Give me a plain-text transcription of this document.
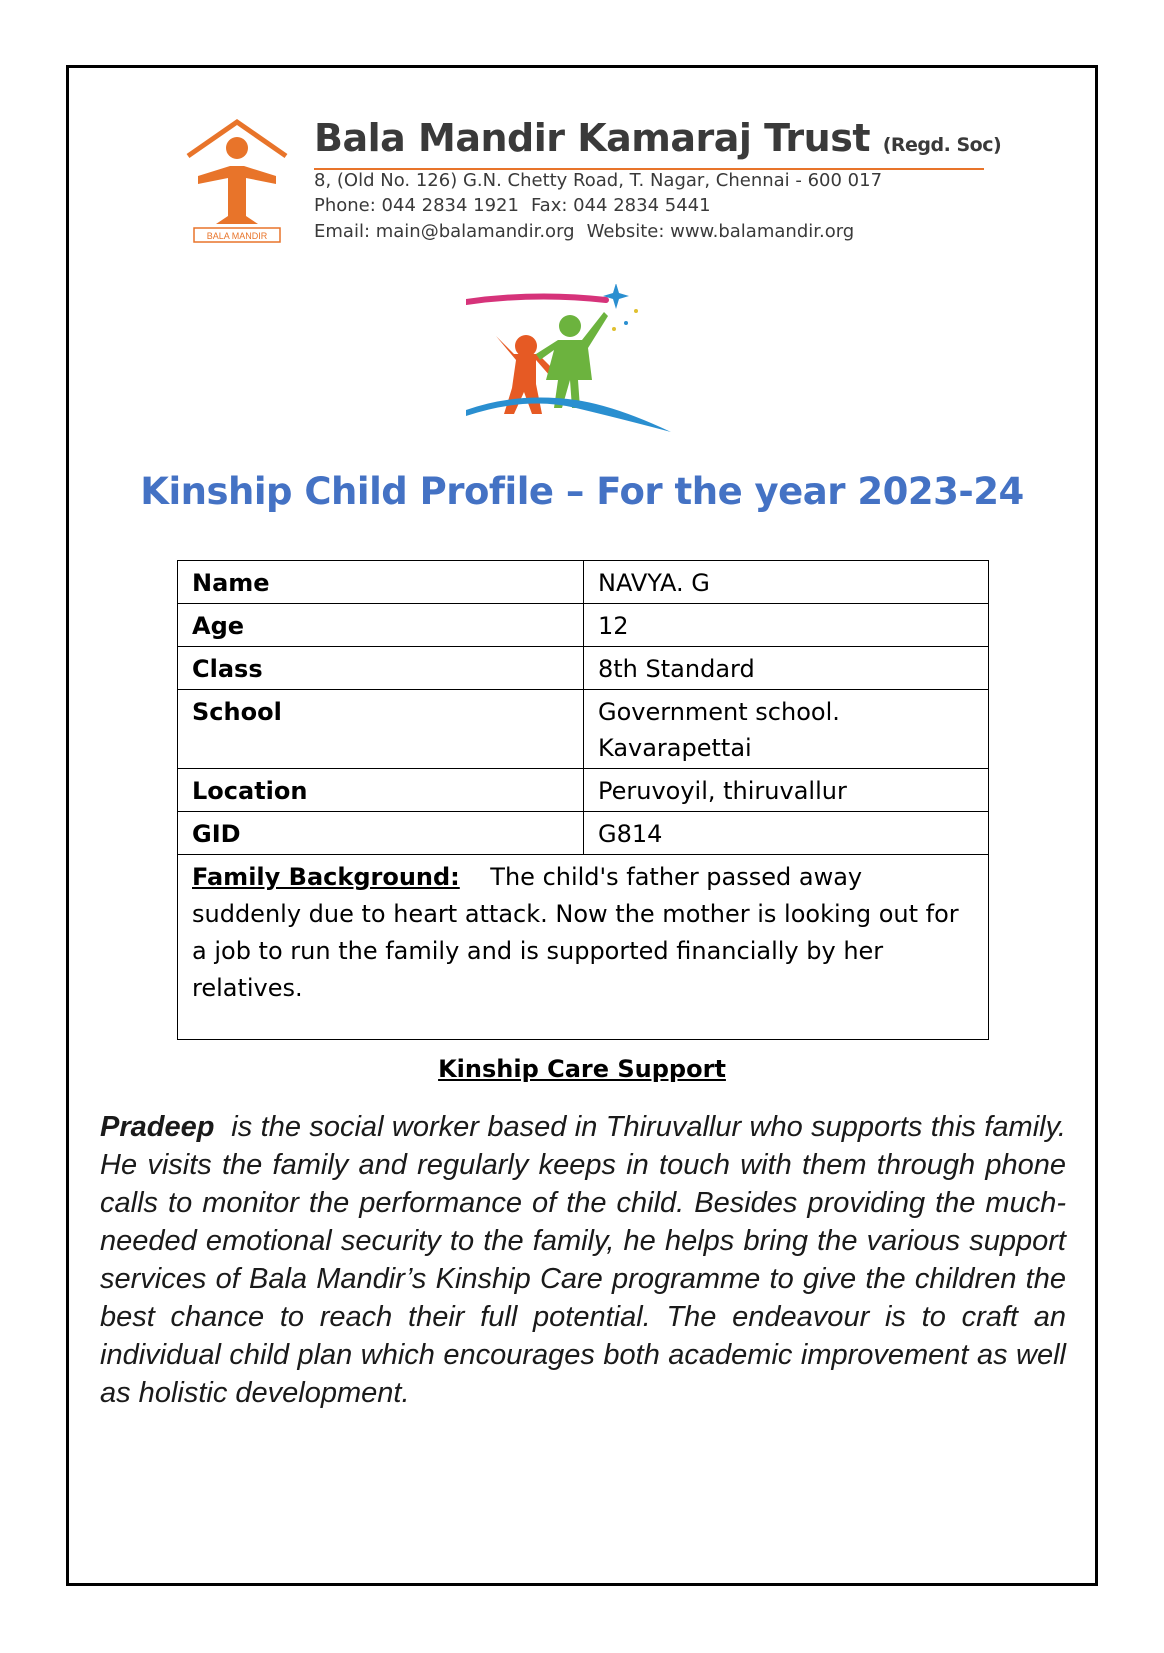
BALA MANDIR
Bala Mandir Kamaraj Trust (Regd. Soc)
8, (Old No. 126) G.N. Chetty Road, T. Nagar, Chennai - 600 017
Phone: 044 2834 1921 Fax: 044 2834 5441
Email: main@balamandir.org Website: www.balamandir.org
Kinship Child Profile – For the year 2023-24
Name	NAVYA. G
Age	12
Class	8th Standard
School	Government school. Kavarapettai
Location	Peruvoyil, thiruvallur
GID	G814
Family Background: The child's father passed away suddenly due to heart attack. Now the mother is looking out for a job to run the family and is supported financially by her relatives.	
Kinship Care Support
Pradeep is the social worker based in Thiruvallur who supports this family. He visits the family and regularly keeps in touch with them through phone calls to monitor the performance of the child. Besides providing the much-needed emotional security to the family, he helps bring the various support services of Bala Mandir’s Kinship Care programme to give the children the best chance to reach their full potential. The endeavour is to craft an individual child plan which encourages both academic improvement as well as holistic development.
